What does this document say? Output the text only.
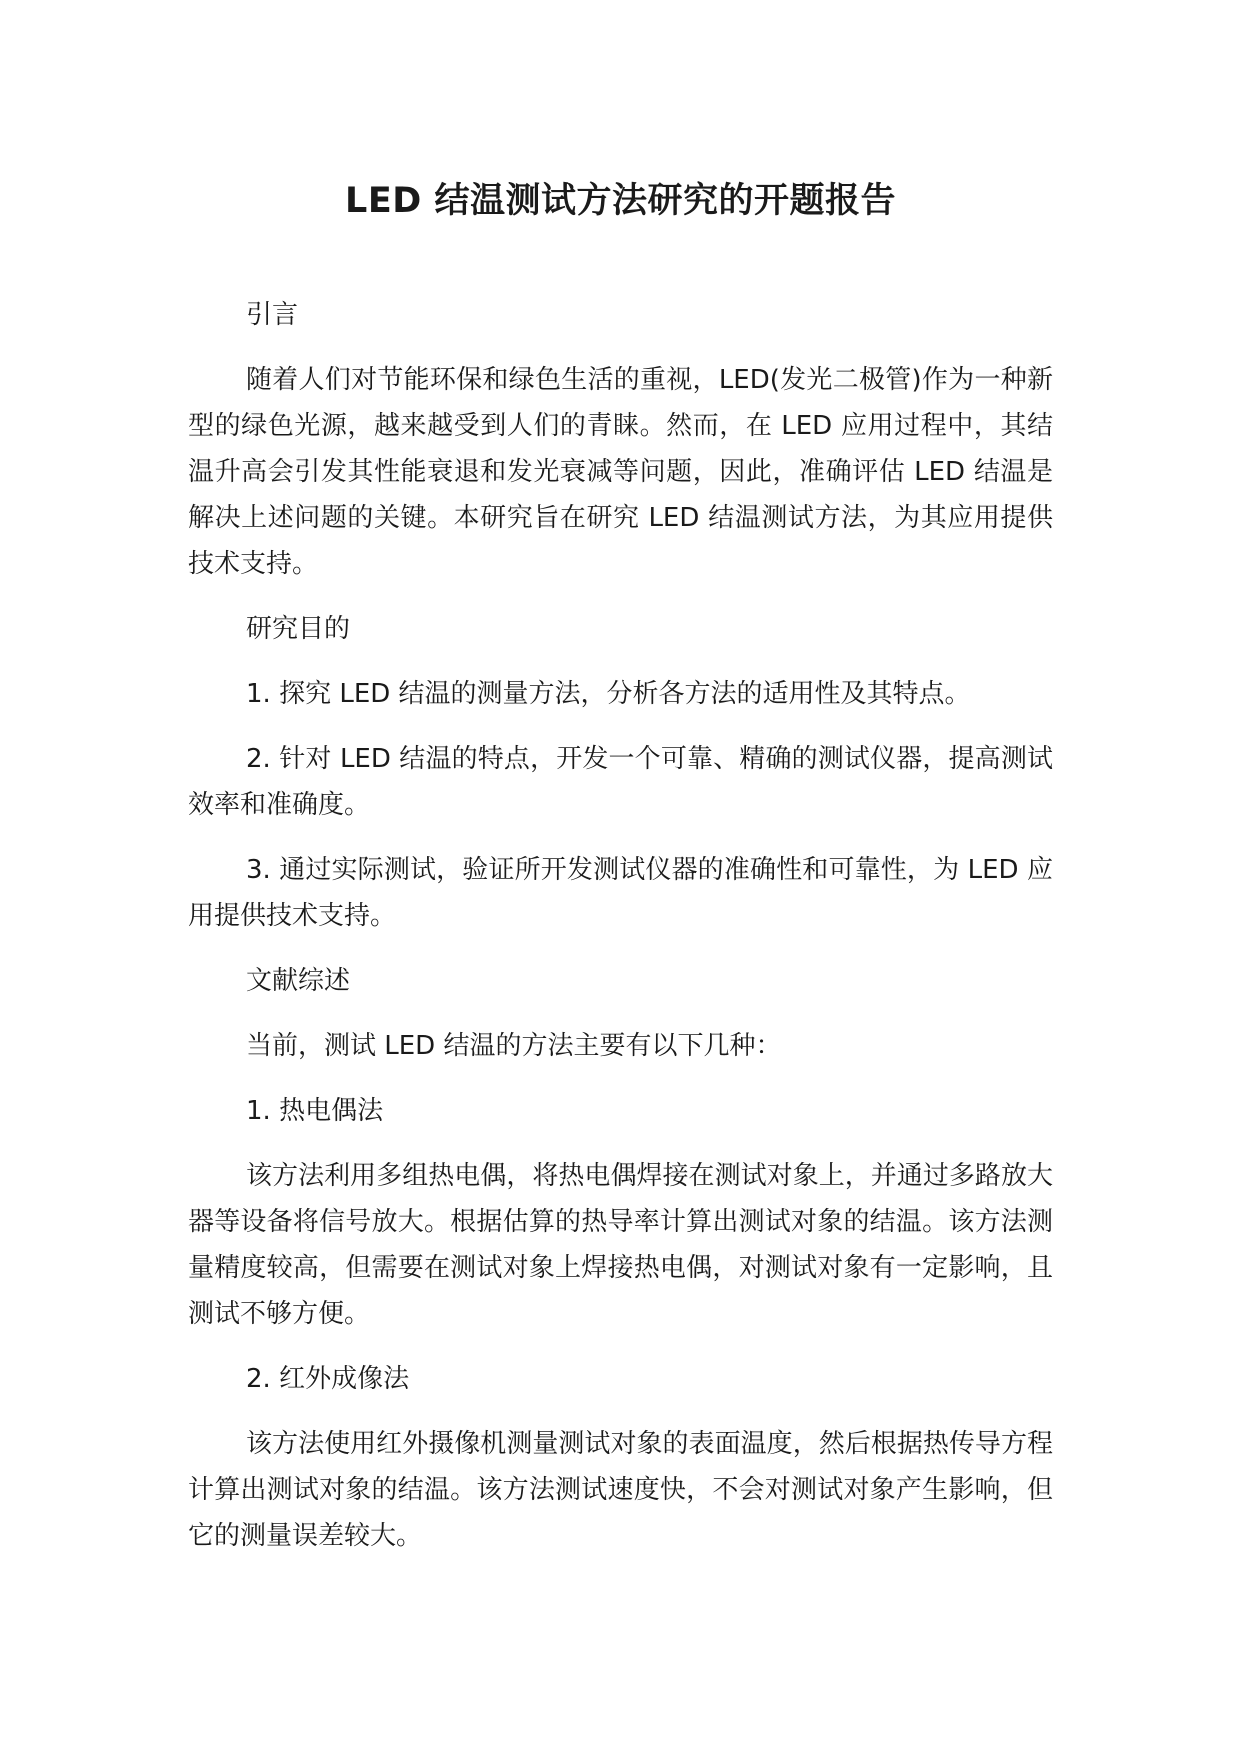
LED 结温测试方法研究的开题报告

引言

随着人们对节能环保和绿色生活的重视，LED(发光二极管)作为一种新型的绿色光源，越来越受到人们的青睐。然而，在 LED 应用过程中，其结温升高会引发其性能衰退和发光衰减等问题，因此，准确评估 LED 结温是解决上述问题的关键。本研究旨在研究 LED 结温测试方法，为其应用提供技术支持。

研究目的

1. 探究 LED 结温的测量方法，分析各方法的适用性及其特点。

2. 针对 LED 结温的特点，开发一个可靠、精确的测试仪器，提高测试效率和准确度。

3. 通过实际测试，验证所开发测试仪器的准确性和可靠性，为 LED 应用提供技术支持。

文献综述

当前，测试 LED 结温的方法主要有以下几种：

1. 热电偶法

该方法利用多组热电偶，将热电偶焊接在测试对象上，并通过多路放大器等设备将信号放大。根据估算的热导率计算出测试对象的结温。该方法测量精度较高，但需要在测试对象上焊接热电偶，对测试对象有一定影响，且测试不够方便。

2. 红外成像法

该方法使用红外摄像机测量测试对象的表面温度，然后根据热传导方程计算出测试对象的结温。该方法测试速度快，不会对测试对象产生影响，但它的测量误差较大。
